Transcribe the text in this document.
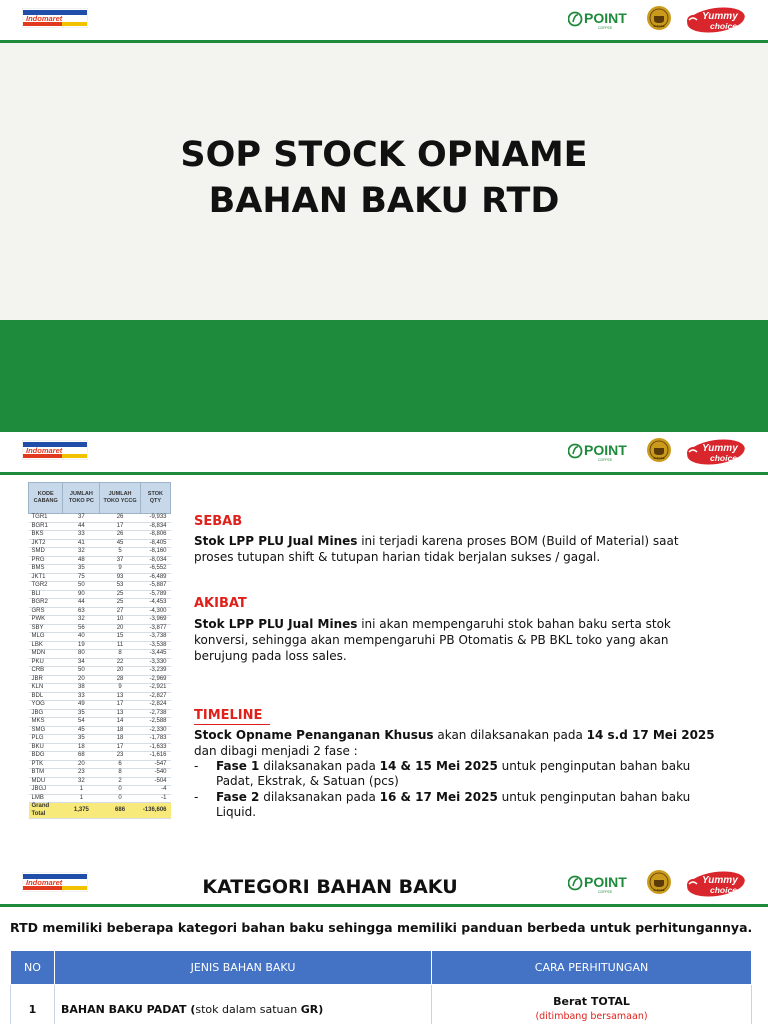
Indomaret	POINT
COFFEE	COFFEE
Yummy
choice.
SOP STOCK OPNAME
BAHAN BAKU RTD
Indomaret	POINT
COFFEE	COFFEE
Yummy
choice.
KODE CABANG	JUMLAH TOKO PC	JUMLAH TOKO YCCG	STOK QTY
TGR1	37	26	-9,933
BGR1	44	17	-8,834
BKS	33	26	-8,806
JKT2	41	45	-8,405
SMD	32	5	-8,160
PRG	48	37	-8,034
BMS	35	9	-6,552
JKT1	75	93	-6,489
TGR2	50	53	-5,887
BLI	90	25	-5,789
BGR2	44	25	-4,453
GRS	63	27	-4,300
PWK	32	10	-3,969
SBY	56	20	-3,877
MLG	40	15	-3,738
LBK	19	11	-3,538
MDN	80	8	-3,445
PKU	34	22	-3,330
CRB	50	20	-3,239
JBR	20	28	-2,969
KLN	38	9	-2,921
BDL	33	13	-2,827
YOG	49	17	-2,824
JBG	35	13	-2,738
MKS	54	14	-2,588
SMG	45	18	-2,330
PLG	35	18	-1,783
BKU	18	17	-1,633
BDG	68	23	-1,616
PTK	20	6	-547
BTM	23	8	-540
MDU	32	2	-504
JBGJ	1	0	-4
LMB	1	0	-1
Grand Total	1,375	686	-136,606
SEBAB
Stok LPP PLU Jual Mines ini terjadi karena proses BOM (Build of Material) saat
proses tutupan shift & tutupan harian tidak berjalan sukses / gagal.
AKIBAT
Stok LPP PLU Jual Mines ini akan mempengaruhi stok bahan baku serta stok
konversi, sehingga akan mempengaruhi PB Otomatis & PB BKL toko yang akan
berujung pada loss sales.
TIMELINE
Stock Opname Penanganan Khusus akan dilaksanakan pada 14 s.d 17 Mei 2025
dan dibagi menjadi 2 fase :
- Fase 1 dilaksanakan pada 14 & 15 Mei 2025 untuk penginputan bahan baku
Padat, Ekstrak, & Satuan (pcs)
- Fase 2 dilaksanakan pada 16 & 17 Mei 2025 untuk penginputan bahan baku
Liquid.
Indomaret	POINT
COFFEE	COFFEE
Yummy
choice.
KATEGORI BAHAN BAKU
RTD memiliki beberapa kategori bahan baku sehingga memiliki panduan berbeda untuk perhitungannya.
NO	JENIS BAHAN BAKU	CARA PERHITUNGAN
1	BAHAN BAKU PADAT (stok dalam satuan GR)	Berat TOTAL
(ditimbang bersamaan)
